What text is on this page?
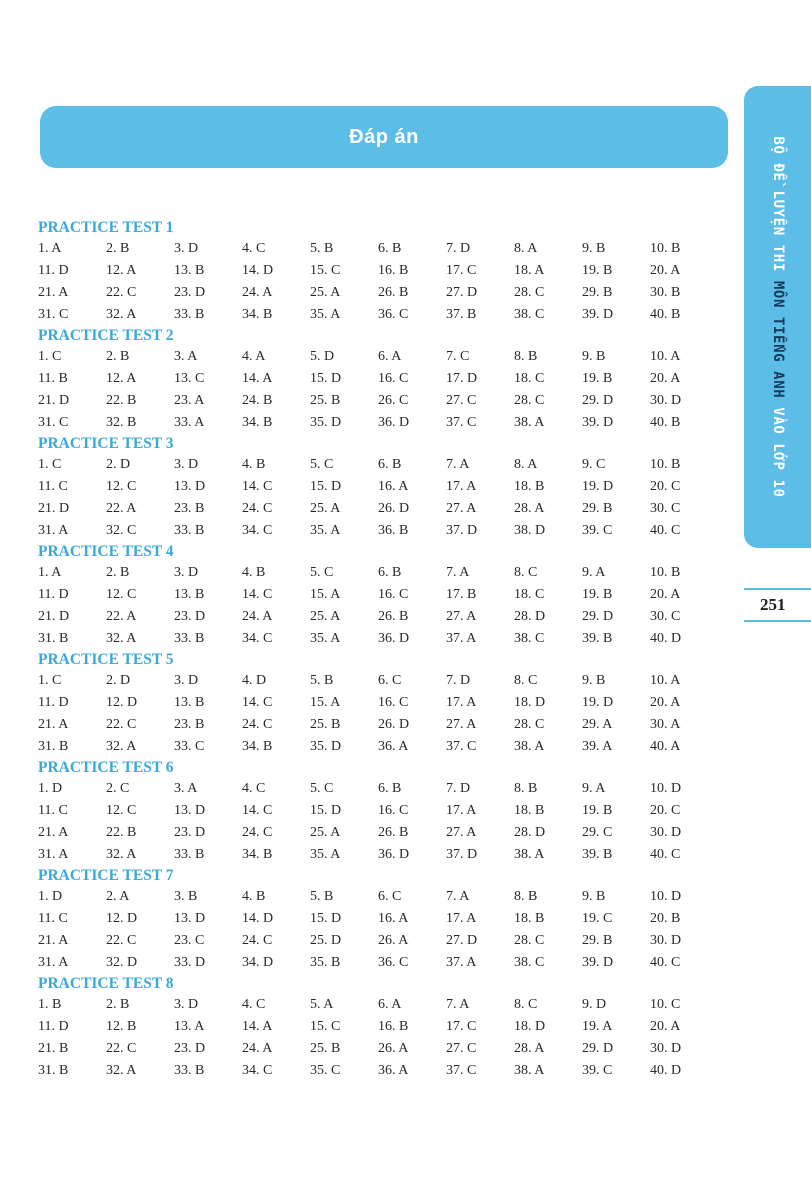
Đáp án	BỘ ĐỀ LUYỆN THI MÔN TIẾNG ANH VÀO LỚP 10
251
PRACTICE TEST 1
1. A	2. B	3. D	4. C	5. B	6. B	7. D	8. A	9. B	10. B
11. D	12. A	13. B	14. D	15. C	16. B	17. C	18. A	19. B	20. A
21. A	22. C	23. D	24. A	25. A	26. B	27. D	28. C	29. B	30. B
31. C	32. A	33. B	34. B	35. A	36. C	37. B	38. C	39. D	40. B
PRACTICE TEST 2
1. C	2. B	3. A	4. A	5. D	6. A	7. C	8. B	9. B	10. A
11. B	12. A	13. C	14. A	15. D	16. C	17. D	18. C	19. B	20. A
21. D	22. B	23. A	24. B	25. B	26. C	27. C	28. C	29. D	30. D
31. C	32. B	33. A	34. B	35. D	36. D	37. C	38. A	39. D	40. B
PRACTICE TEST 3
1. C	2. D	3. D	4. B	5. C	6. B	7. A	8. A	9. C	10. B
11. C	12. C	13. D	14. C	15. D	16. A	17. A	18. B	19. D	20. C
21. D	22. A	23. B	24. C	25. A	26. D	27. A	28. A	29. B	30. C
31. A	32. C	33. B	34. C	35. A	36. B	37. D	38. D	39. C	40. C
PRACTICE TEST 4
1. A	2. B	3. D	4. B	5. C	6. B	7. A	8. C	9. A	10. B
11. D	12. C	13. B	14. C	15. A	16. C	17. B	18. C	19. B	20. A
21. D	22. A	23. D	24. A	25. A	26. B	27. A	28. D	29. D	30. C
31. B	32. A	33. B	34. C	35. A	36. D	37. A	38. C	39. B	40. D
PRACTICE TEST 5
1. C	2. D	3. D	4. D	5. B	6. C	7. D	8. C	9. B	10. A
11. D	12. D	13. B	14. C	15. A	16. C	17. A	18. D	19. D	20. A
21. A	22. C	23. B	24. C	25. B	26. D	27. A	28. C	29. A	30. A
31. B	32. A	33. C	34. B	35. D	36. A	37. C	38. A	39. A	40. A
PRACTICE TEST 6
1. D	2. C	3. A	4. C	5. C	6. B	7. D	8. B	9. A	10. D
11. C	12. C	13. D	14. C	15. D	16. C	17. A	18. B	19. B	20. C
21. A	22. B	23. D	24. C	25. A	26. B	27. A	28. D	29. C	30. D
31. A	32. A	33. B	34. B	35. A	36. D	37. D	38. A	39. B	40. C
PRACTICE TEST 7
1. D	2. A	3. B	4. B	5. B	6. C	7. A	8. B	9. B	10. D
11. C	12. D	13. D	14. D	15. D	16. A	17. A	18. B	19. C	20. B
21. A	22. C	23. C	24. C	25. D	26. A	27. D	28. C	29. B	30. D
31. A	32. D	33. D	34. D	35. B	36. C	37. A	38. C	39. D	40. C
PRACTICE TEST 8
1. B	2. B	3. D	4. C	5. A	6. A	7. A	8. C	9. D	10. C
11. D	12. B	13. A	14. A	15. C	16. B	17. C	18. D	19. A	20. A
21. B	22. C	23. D	24. A	25. B	26. A	27. C	28. A	29. D	30. D
31. B	32. A	33. B	34. C	35. C	36. A	37. C	38. A	39. C	40. D
